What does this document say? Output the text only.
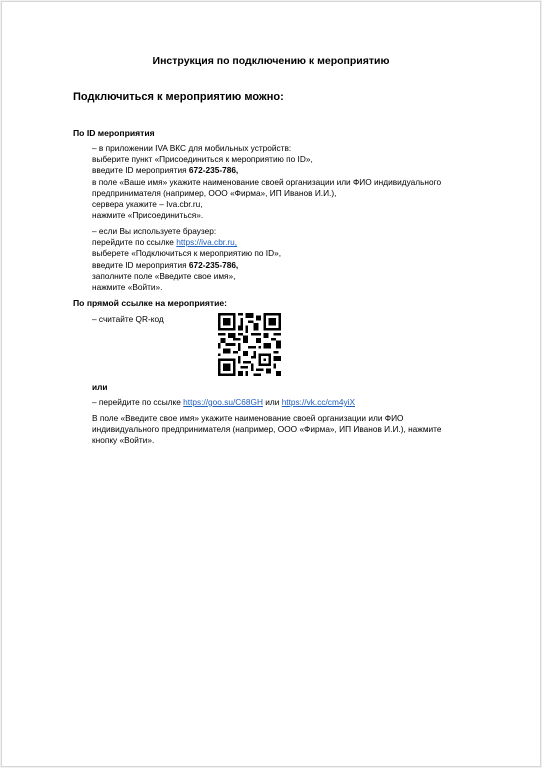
Инструкция по подключению к мероприятию
Подключиться к мероприятию можно:
По ID мероприятия
– в приложении IVA ВКС для мобильных устройств:
выберите пункт «Присоединиться к мероприятию по ID»,
введите ID мероприятия 672-235-786,
в поле «Ваше имя» укажите наименование своей организации или ФИО индивидуального
предпринимателя (например, ООО «Фирма», ИП Иванов И.И.),
сервера укажите – Iva.cbr.ru,
нажмите «Присоединиться».
– если Вы используете браузер:
перейдите по ссылке https://iva.cbr.ru,
выберете «Подключиться к мероприятию по ID»,
введите ID мероприятия 672-235-786,
заполните поле «Введите свое имя»,
нажмите «Войти».
По прямой ссылке на мероприятие:
– считайте QR-код
или
– перейдите по ссылке https://goo.su/C68GH или https://vk.cc/cm4yiX
В поле «Введите свое имя» укажите наименование своей организации или ФИО
индивидуального предпринимателя (например, ООО «Фирма», ИП Иванов И.И.), нажмите
кнопку «Войти».
